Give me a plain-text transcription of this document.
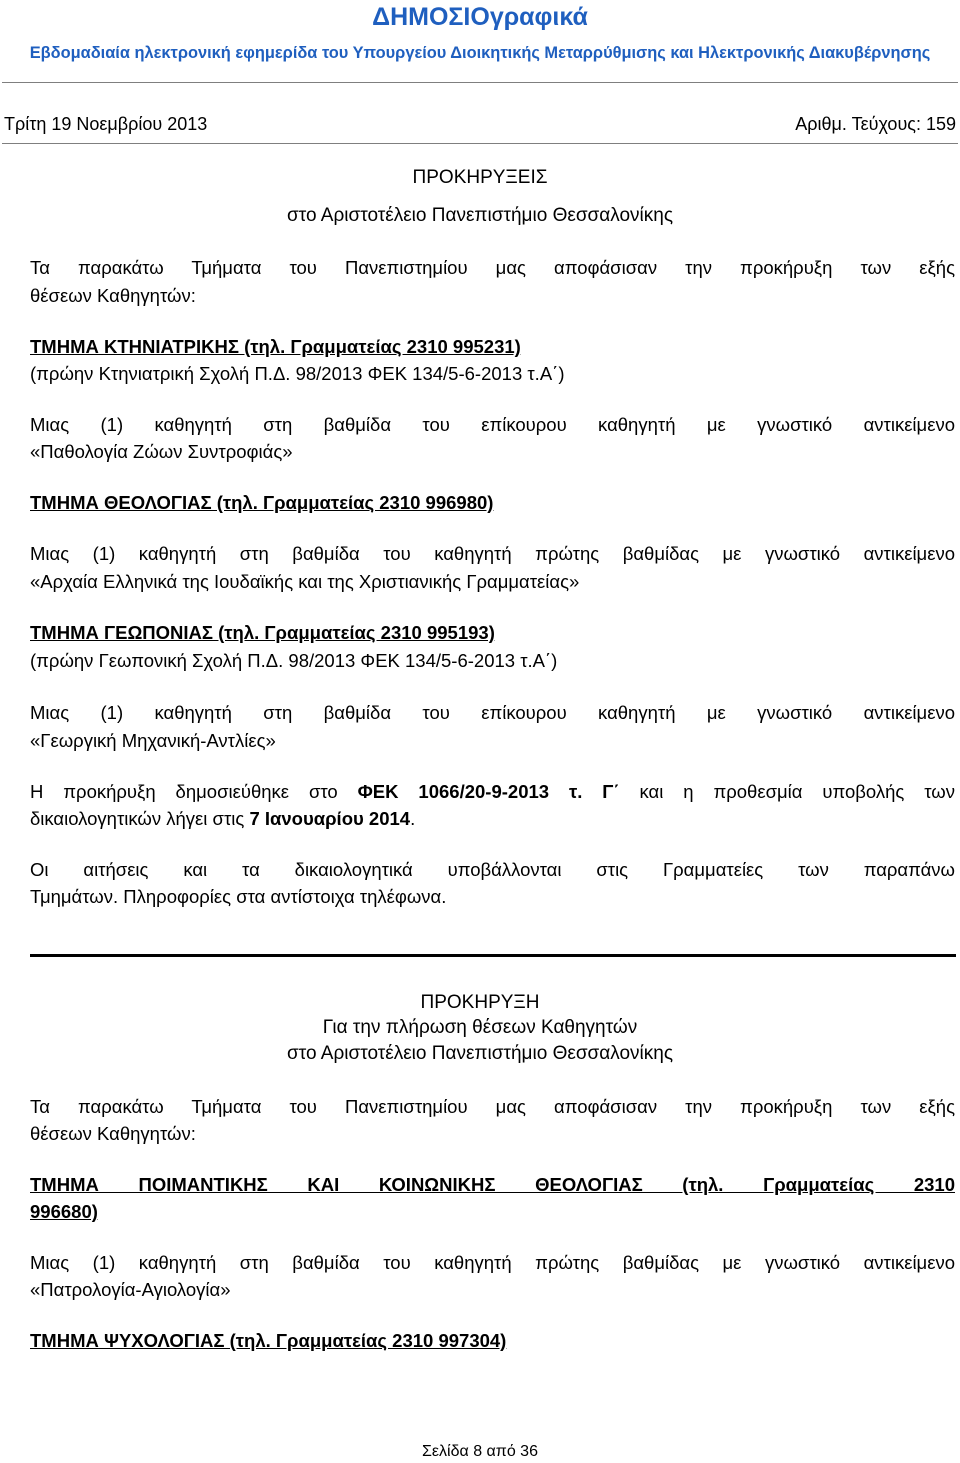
ΔΗΜΟΣΙΟγραφικά
Εβδομαδιαία ηλεκτρονική εφημερίδα του Υπουργείου Διοικητικής Μεταρρύθμισης και Ηλεκτρονικής Διακυβέρνησης
Τρίτη 19 Νοεμβρίου 2013	Αριθμ. Τεύχους: 159
ΠΡΟΚΗΡΥΞΕΙΣ
στο Αριστοτέλειο Πανεπιστήμιο Θεσσαλονίκης
Τα παρακάτω Τμήματα του Πανεπιστημίου μας αποφάσισαν την προκήρυξη των εξής
θέσεων Καθηγητών:
ΤΜΗΜΑ ΚΤΗΝΙΑΤΡΙΚΗΣ (τηλ. Γραμματείας 2310 995231)
(πρώην Κτηνιατρική Σχολή Π.Δ. 98/2013 ΦΕΚ 134/5-6-2013 τ.Α΄)
Μιας (1) καθηγητή στη βαθμίδα του επίκουρου καθηγητή με γνωστικό αντικείμενο
«Παθολογία Ζώων Συντροφιάς»
ΤΜΗΜΑ ΘΕΟΛΟΓΙΑΣ (τηλ. Γραμματείας 2310 996980)
Μιας (1) καθηγητή στη βαθμίδα του καθηγητή πρώτης βαθμίδας με γνωστικό αντικείμενο
«Αρχαία Ελληνικά της Ιουδαϊκής και της Χριστιανικής Γραμματείας»
ΤΜΗΜΑ ΓΕΩΠΟΝΙΑΣ (τηλ. Γραμματείας 2310 995193)
(πρώην Γεωπονική Σχολή Π.Δ. 98/2013 ΦΕΚ 134/5-6-2013 τ.Α΄)
Μιας (1) καθηγητή στη βαθμίδα του επίκουρου καθηγητή με γνωστικό αντικείμενο
«Γεωργική Μηχανική-Αντλίες»
Η προκήρυξη δημοσιεύθηκε στο ΦΕΚ 1066/20-9-2013 τ. Γ΄ και η προθεσμία υποβολής των
δικαιολογητικών λήγει στις 7 Ιανουαρίου 2014.
Οι αιτήσεις και τα δικαιολογητικά υποβάλλονται στις Γραμματείες των παραπάνω
Τμημάτων. Πληροφορίες στα αντίστοιχα τηλέφωνα.
ΠΡΟΚΗΡΥΞΗ
Για την πλήρωση θέσεων Καθηγητών
στο Αριστοτέλειο Πανεπιστήμιο Θεσσαλονίκης
Τα παρακάτω Τμήματα του Πανεπιστημίου μας αποφάσισαν την προκήρυξη των εξής
θέσεων Καθηγητών:
ΤΜΗΜΑ ΠΟΙΜΑΝΤΙΚΗΣ ΚΑΙ ΚΟΙΝΩΝΙΚΗΣ ΘΕΟΛΟΓΙΑΣ (τηλ. Γραμματείας 2310
996680)
Μιας (1) καθηγητή στη βαθμίδα του καθηγητή πρώτης βαθμίδας με γνωστικό αντικείμενο
«Πατρολογία-Αγιολογία»
ΤΜΗΜΑ ΨΥΧΟΛΟΓΙΑΣ (τηλ. Γραμματείας 2310 997304)
Σελίδα 8 από 36
